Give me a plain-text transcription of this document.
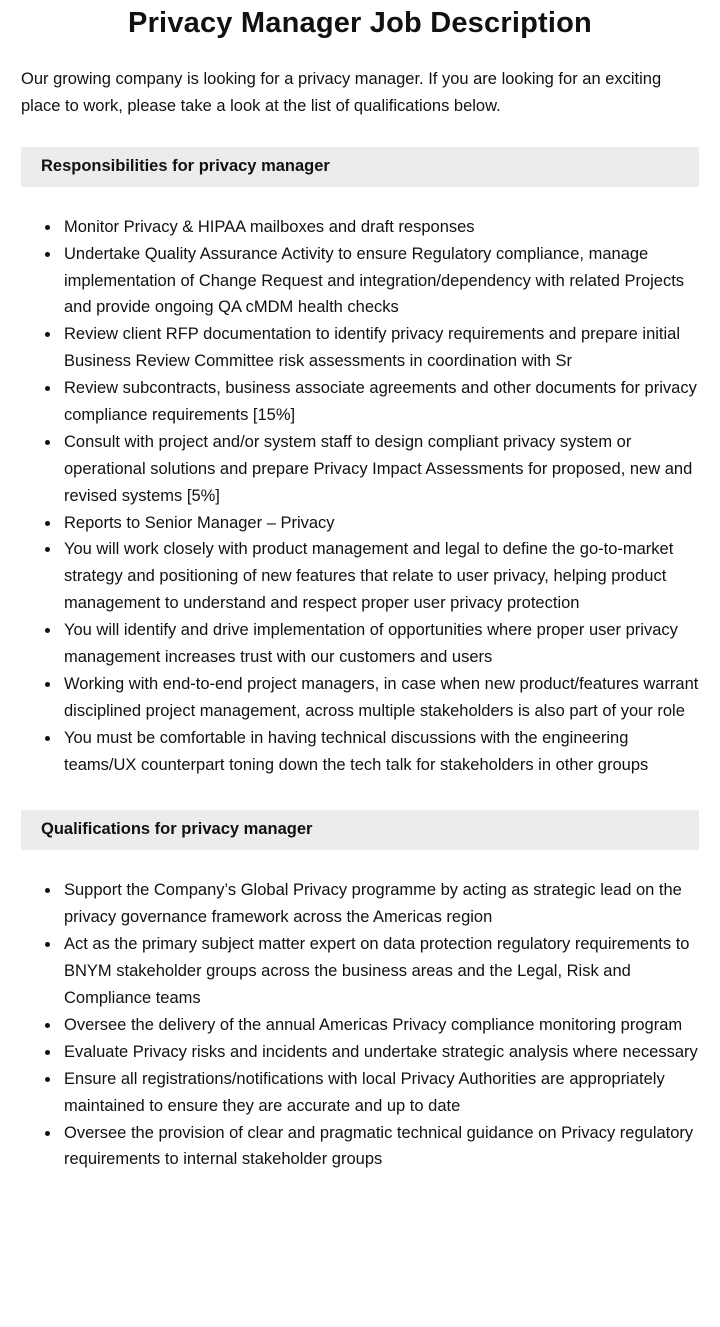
Privacy Manager Job Description

Our growing company is looking for a privacy manager. If you are looking for an exciting place to work, please take a look at the list of qualifications below.

Responsibilities for privacy manager
• Monitor Privacy & HIPAA mailboxes and draft responses
• Undertake Quality Assurance Activity to ensure Regulatory compliance, manage implementation of Change Request and integration/dependency with related Projects and provide ongoing QA cMDM health checks
• Review client RFP documentation to identify privacy requirements and prepare initial Business Review Committee risk assessments in coordination with Sr
• Review subcontracts, business associate agreements and other documents for privacy compliance requirements [15%]
• Consult with project and/or system staff to design compliant privacy system or operational solutions and prepare Privacy Impact Assessments for proposed, new and revised systems [5%]
• Reports to Senior Manager – Privacy
• You will work closely with product management and legal to define the go-to-market strategy and positioning of new features that relate to user privacy, helping product management to understand and respect proper user privacy protection
• You will identify and drive implementation of opportunities where proper user privacy management increases trust with our customers and users
• Working with end-to-end project managers, in case when new product/features warrant disciplined project management, across multiple stakeholders is also part of your role
• You must be comfortable in having technical discussions with the engineering teams/UX counterpart toning down the tech talk for stakeholders in other groups
Qualifications for privacy manager
• Support the Company’s Global Privacy programme by acting as strategic lead on the privacy governance framework across the Americas region
• Act as the primary subject matter expert on data protection regulatory requirements to BNYM stakeholder groups across the business areas and the Legal, Risk and Compliance teams
• Oversee the delivery of the annual Americas Privacy compliance monitoring program
• Evaluate Privacy risks and incidents and undertake strategic analysis where necessary
• Ensure all registrations/notifications with local Privacy Authorities are appropriately maintained to ensure they are accurate and up to date
• Oversee the provision of clear and pragmatic technical guidance on Privacy regulatory requirements to internal stakeholder groups
